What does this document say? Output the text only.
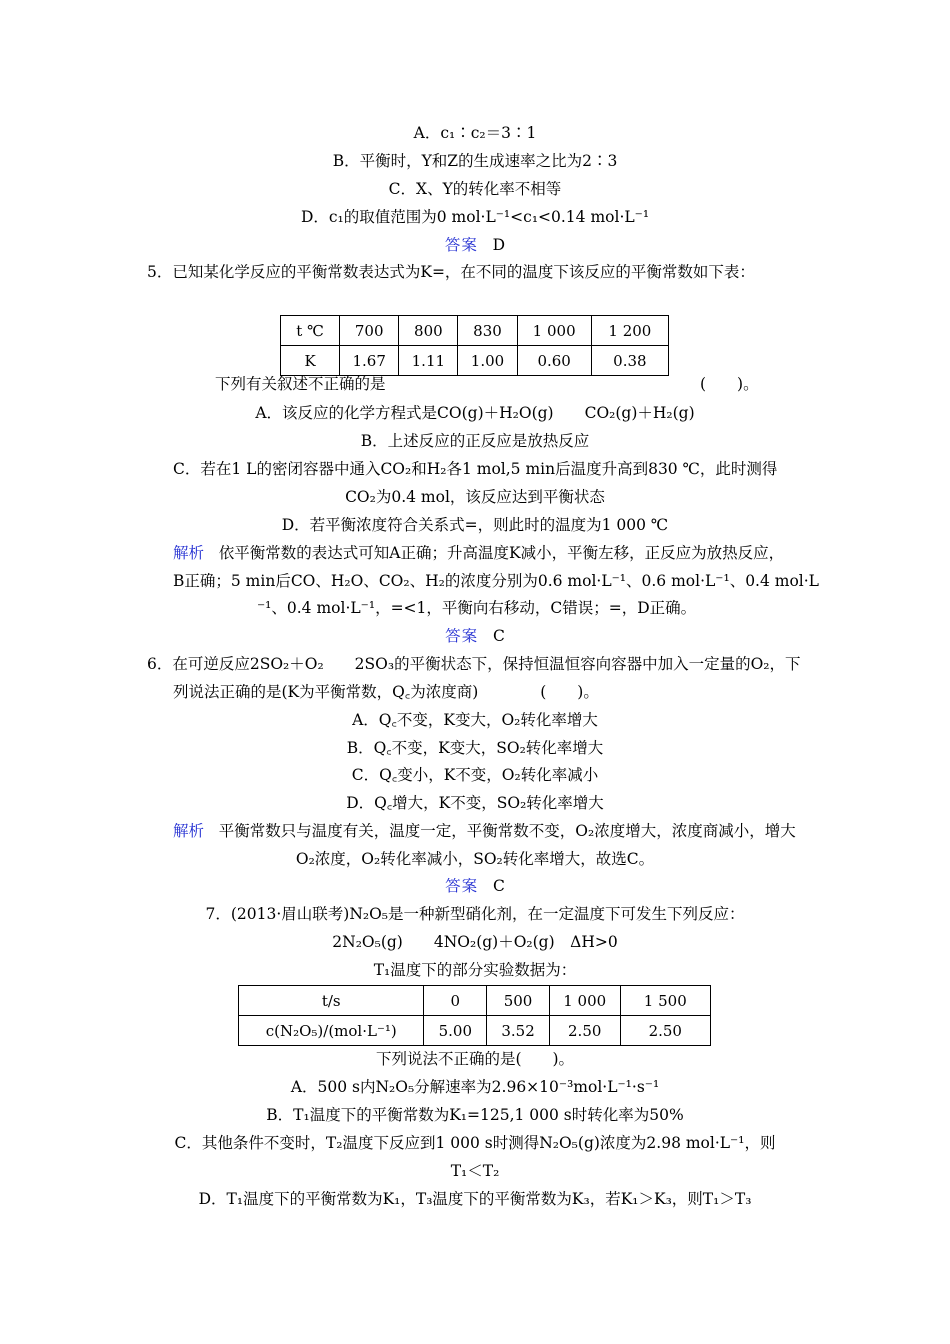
A．c₁∶c₂＝3∶1
B．平衡时，Y和Z的生成速率之比为2∶3
C．X、Y的转化率不相等
D．c₁的取值范围为0 mol·L⁻¹<c₁<0.14 mol·L⁻¹
答案 D
5．已知某化学反应的平衡常数表达式为K=，在不同的温度下该反应的平衡常数如下表：
t ℃	700	800	830	1 000	1 200
K	1.67	1.11	1.00	0.60	0.38
下列有关叙述不正确的是	(　　)。
A．该反应的化学方程式是CO(g)＋H₂O(g)　　CO₂(g)＋H₂(g)
B．上述反应的正反应是放热反应
C．若在1 L的密闭容器中通入CO₂和H₂各1 mol,5 min后温度升高到830 ℃，此时测得
CO₂为0.4 mol，该反应达到平衡状态
D．若平衡浓度符合关系式=，则此时的温度为1 000 ℃
解析 依平衡常数的表达式可知A正确；升高温度K减小，平衡左移，正反应为放热反应，
B正确；5 min后CO、H₂O、CO₂、H₂的浓度分别为0.6 mol·L⁻¹、0.6 mol·L⁻¹、0.4 mol·L
⁻¹、0.4 mol·L⁻¹，=<1，平衡向右移动，C错误；=，D正确。
答案 C
6．在可逆反应2SO₂＋O₂　　2SO₃的平衡状态下，保持恒温恒容向容器中加入一定量的O₂，下
列说法正确的是(K为平衡常数，Q꜀为浓度商)　　　　(　　)。
A．Q꜀不变，K变大，O₂转化率增大
B．Q꜀不变，K变大，SO₂转化率增大
C．Q꜀变小，K不变，O₂转化率减小
D．Q꜀增大，K不变，SO₂转化率增大
解析 平衡常数只与温度有关，温度一定，平衡常数不变，O₂浓度增大，浓度商减小，增大
O₂浓度，O₂转化率减小，SO₂转化率增大，故选C。
答案 C
7．(2013·眉山联考)N₂O₅是一种新型硝化剂，在一定温度下可发生下列反应：
2N₂O₅(g)　　4NO₂(g)＋O₂(g)　ΔH>0
T₁温度下的部分实验数据为：
t/s	0	500	1 000	1 500
c(N₂O₅)/(mol·L⁻¹)	5.00	3.52	2.50	2.50
下列说法不正确的是(　　)。
A．500 s内N₂O₅分解速率为2.96×10⁻³mol·L⁻¹·s⁻¹
B．T₁温度下的平衡常数为K₁=125,1 000 s时转化率为50%
C．其他条件不变时，T₂温度下反应到1 000 s时测得N₂O₅(g)浓度为2.98 mol·L⁻¹，则
T₁＜T₂
D．T₁温度下的平衡常数为K₁，T₃温度下的平衡常数为K₃，若K₁＞K₃，则T₁＞T₃
